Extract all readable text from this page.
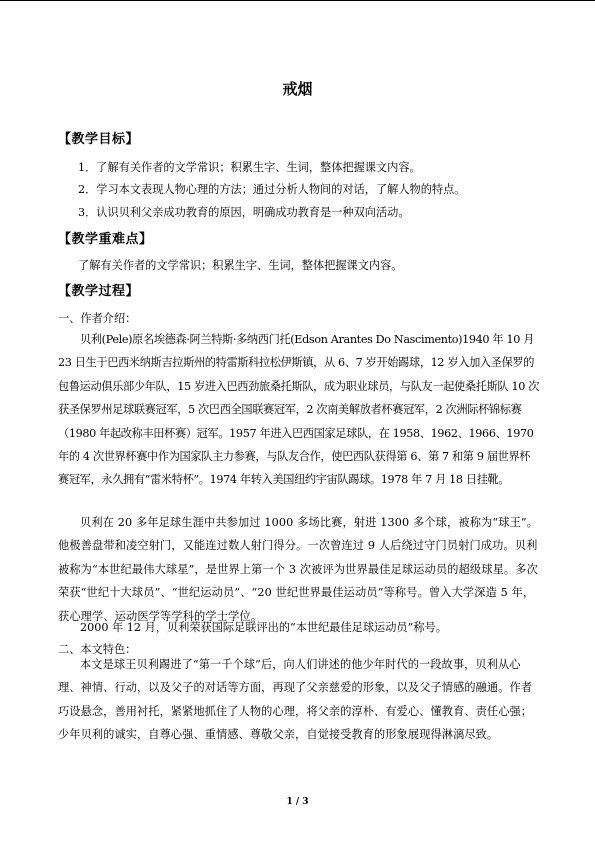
戒烟
【教学目标】
1．了解有关作者的文学常识；积累生字、生词，整体把握课文内容。
2．学习本文表现人物心理的方法；通过分析人物间的对话，了解人物的特点。
3．认识贝利父亲成功教育的原因，明确成功教育是一种双向活动。
【教学重难点】
了解有关作者的文学常识；积累生字、生词，整体把握课文内容。
【教学过程】
一、作者介绍：
贝利(Pele)原名埃德森·阿兰特斯·多纳西门托(Edson Arantes Do Nascimento)1940 年 10 月 23 日生于巴西米纳斯吉拉斯州的特雷斯科拉松伊斯镇，从 6、7 岁开始踢球，12 岁入加入圣保罗的包鲁运动俱乐部少年队，15 岁进入巴西劲旅桑托斯队，成为职业球员，与队友一起使桑托斯队 10 次获圣保罗州足球联赛冠军，5 次巴西全国联赛冠军，2 次南美解放者杯赛冠军，2 次洲际杯锦标赛（1980 年起改称丰田杯赛）冠军。1957 年进入巴西国家足球队，在 1958、1962、1966、1970 年的 4 次世界杯赛中作为国家队主力参赛，与队友合作，使巴西队获得第 6、第 7 和第 9 届世界杯赛冠军，永久拥有“雷米特杯”。1974 年转入美国纽约宇宙队踢球。1978 年 7 月 18 日挂靴。
贝利在 20 多年足球生涯中共参加过 1000 多场比赛，射进 1300 多个球，被称为“球王”。他极善盘带和凌空射门，又能连过数人射门得分。一次曾连过 9 人后绕过守门员射门成功。贝利被称为“本世纪最伟大球星”，是世界上第一个 3 次被评为世界最佳足球运动员的超级球星。多次荣获“世纪十大球员”、“世纪运动员”、“20 世纪世界最佳运动员”等称号。曾入大学深造 5 年，获心理学、运动医学等学科的学士学位。
2000 年 12 月，贝利荣获国际足联评出的“本世纪最佳足球运动员”称号。
二、本文特色：
本文是球王贝利踢进了“第一千个球”后，向人们讲述的他少年时代的一段故事，贝利从心理、神情、行动，以及父子的对话等方面，再现了父亲慈爱的形象，以及父子情感的融通。作者巧设悬念，善用衬托，紧紧地抓住了人物的心理，将父亲的淳朴、有爱心、懂教育、责任心强；少年贝利的诚实，自尊心强、重情感、尊敬父亲，自觉接受教育的形象展现得淋漓尽致。
1 / 3
